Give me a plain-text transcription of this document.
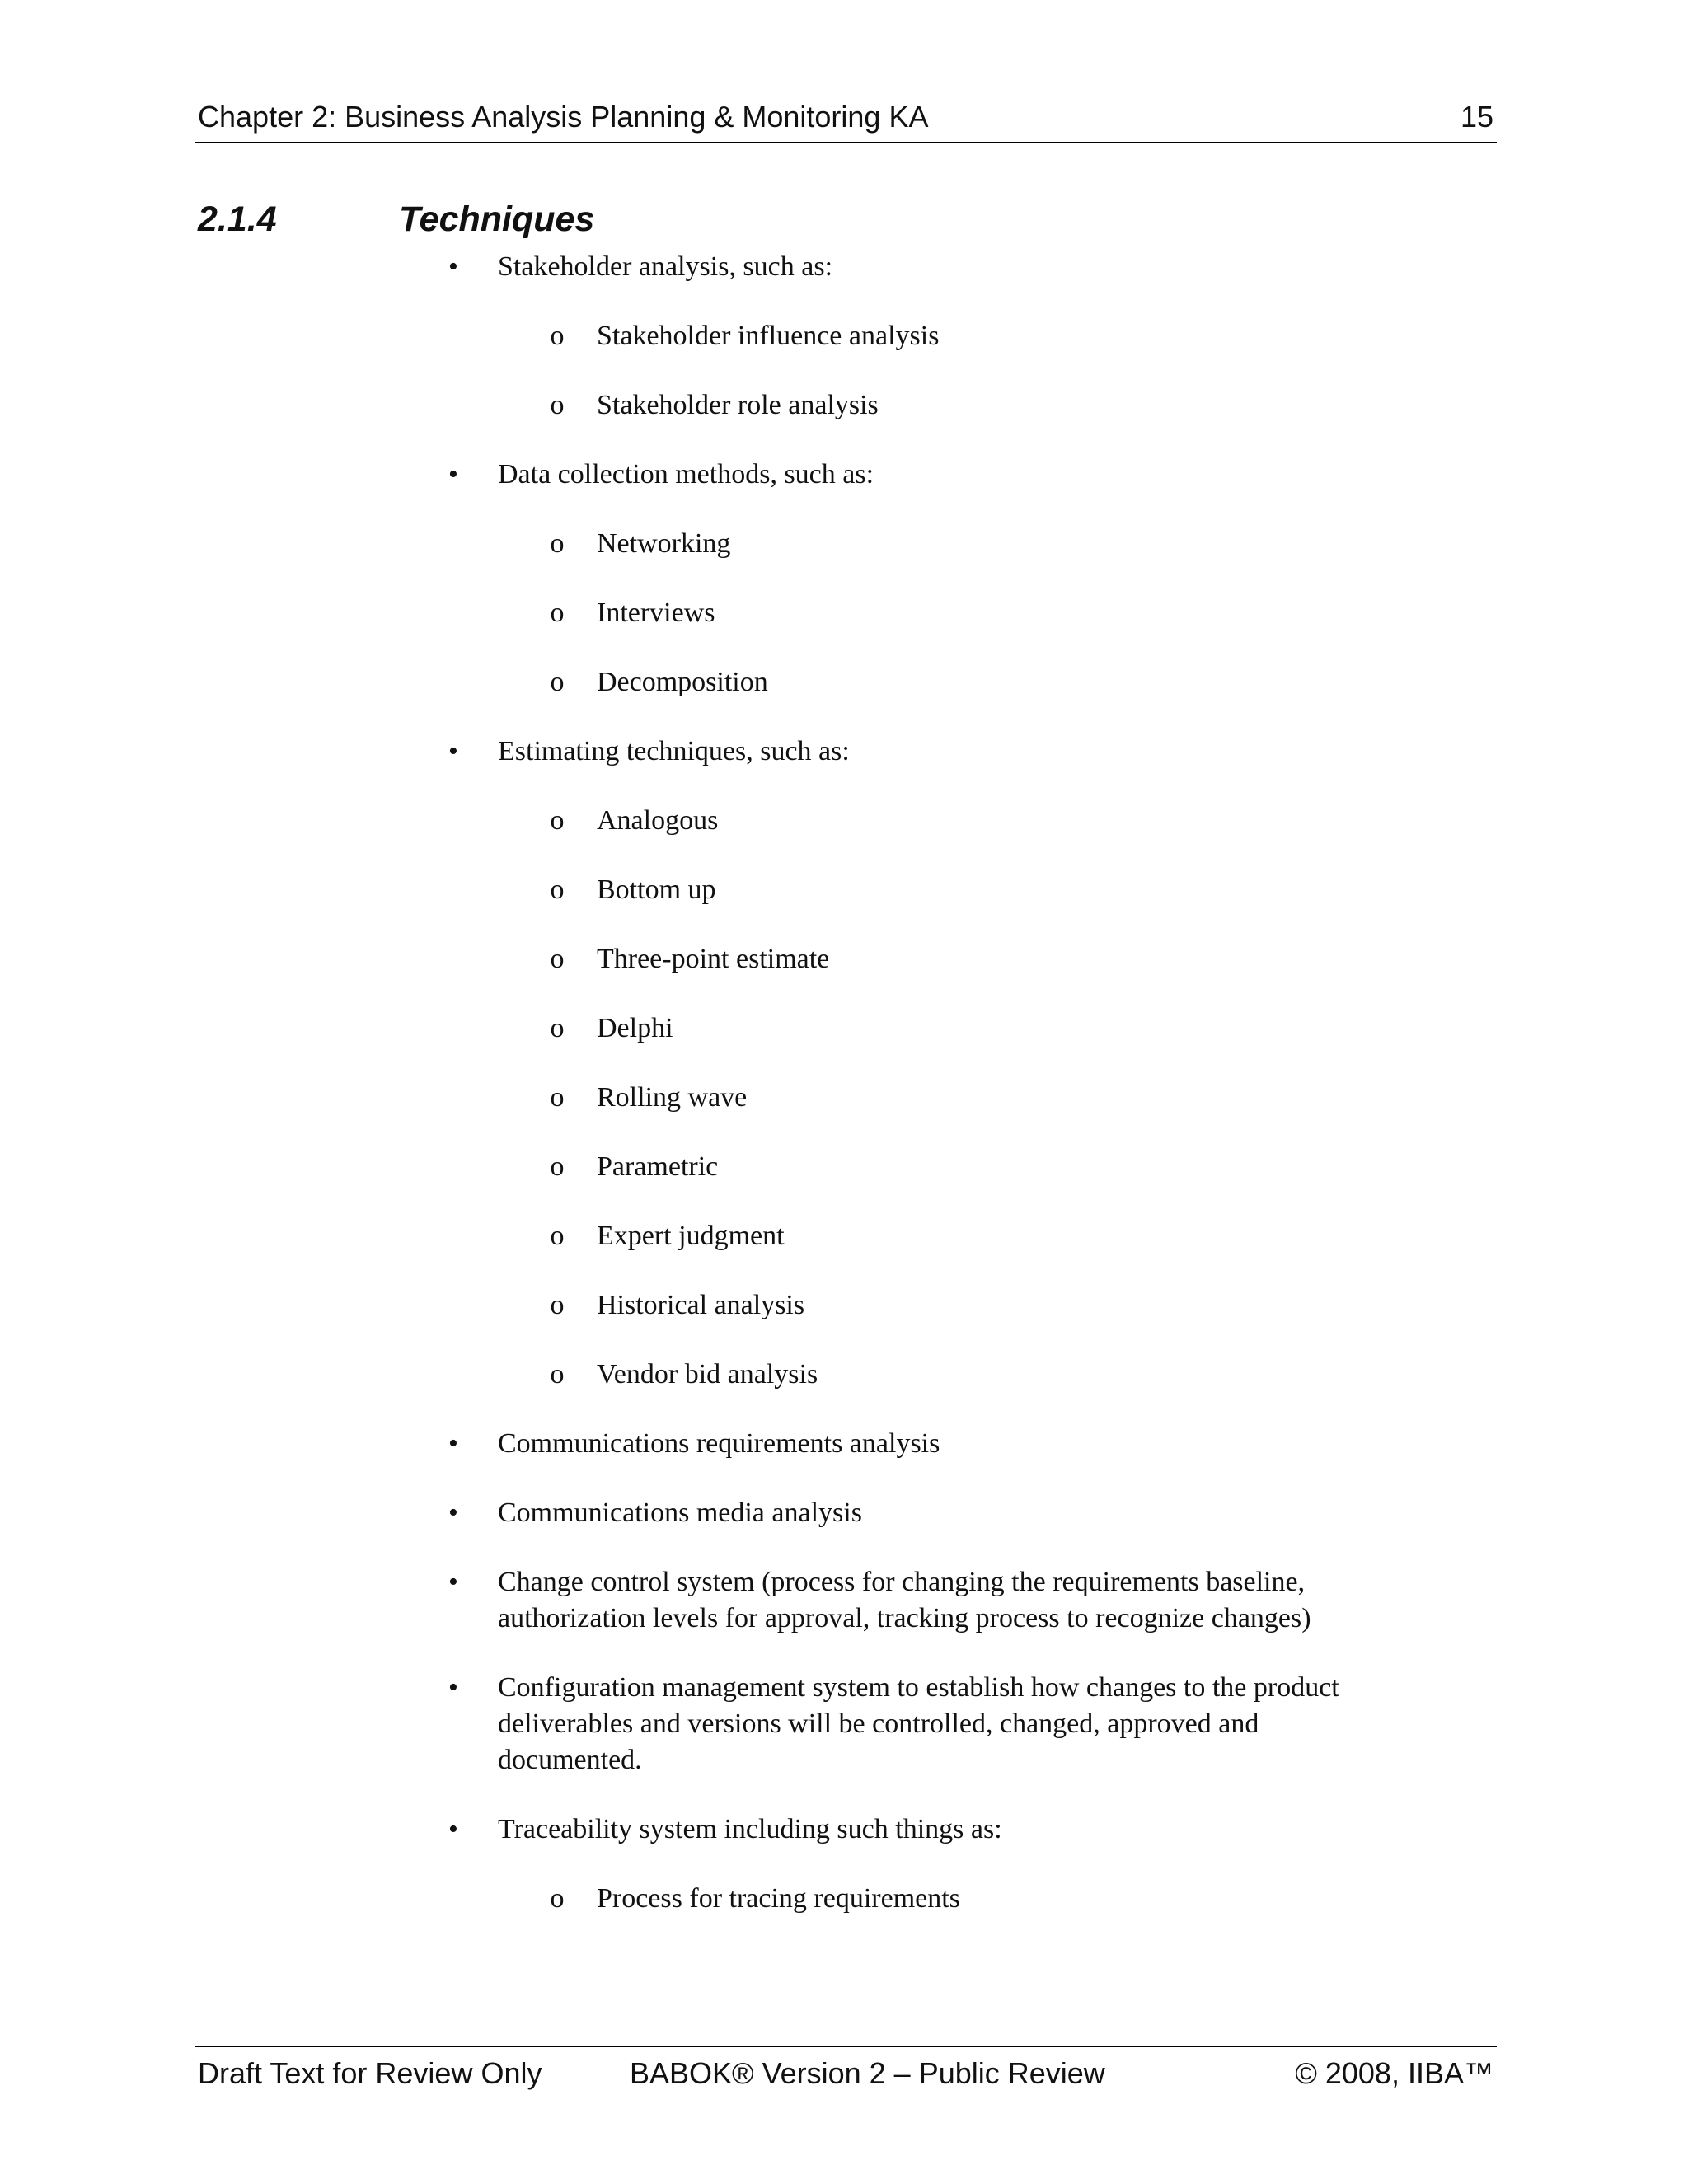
Chapter 2: Business Analysis Planning & Monitoring KA	15
2.1.4	Techniques
• Stakeholder analysis, such as:
o Stakeholder influence analysis
o Stakeholder role analysis
• Data collection methods, such as:
o Networking
o Interviews
o Decomposition
• Estimating techniques, such as:
o Analogous
o Bottom up
o Three-point estimate
o Delphi
o Rolling wave
o Parametric
o Expert judgment
o Historical analysis
o Vendor bid analysis
• Communications requirements analysis
• Communications media analysis
• Change control system (process for changing the requirements baseline,
authorization levels for approval, tracking process to recognize changes)
• Configuration management system to establish how changes to the product
deliverables and versions will be controlled, changed, approved and
documented.
• Traceability system including such things as:
o Process for tracing requirements
Draft Text for Review Only	BABOK® Version 2 – Public Review	© 2008, IIBA™
